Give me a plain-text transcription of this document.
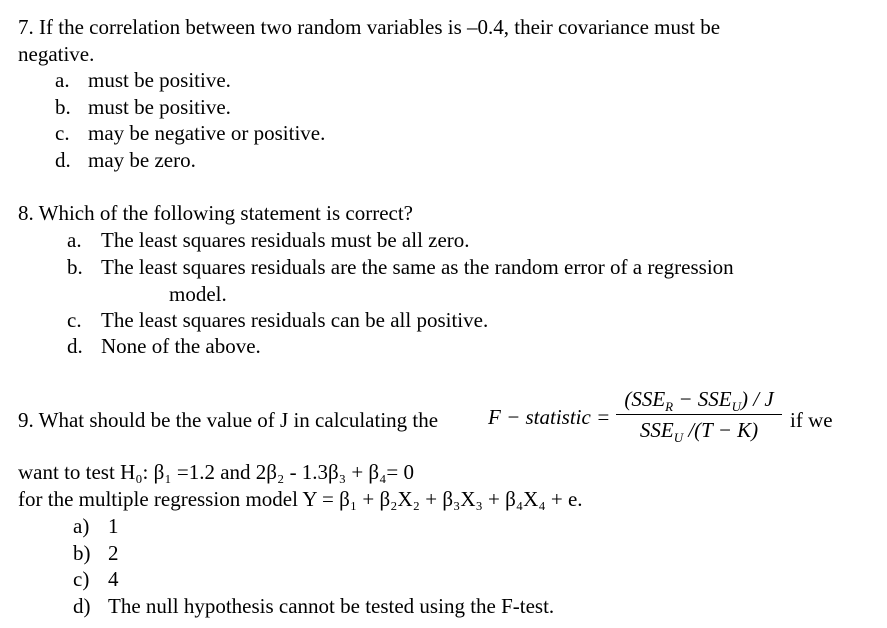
7. If the correlation between two random variables is –0.4, their covariance must be
negative.
a. must be positive.
b. must be positive.
c. may be negative or positive.
d. may be zero.
8. Which of the following statement is correct?
a. The least squares residuals must be all zero.
b. The least squares residuals are the same as the random error of a regression
model.
c. The least squares residuals can be all positive.
d. None of the above.
9. What should be the value of J in calculating the F − statistic =
$(SSE_R - SSE_U) / J$
$SSE_U$ /(T − K)	if we
want to test H₀: β₁ =1.2 and 2β₂ - 1.3β₃ + β₄= 0
for the multiple regression model Y = β₁ + β₂X₂ + β₃X₃ + β₄X₄ + e.
a) 1
b) 2
c) 4
d) The null hypothesis cannot be tested using the F-test.
